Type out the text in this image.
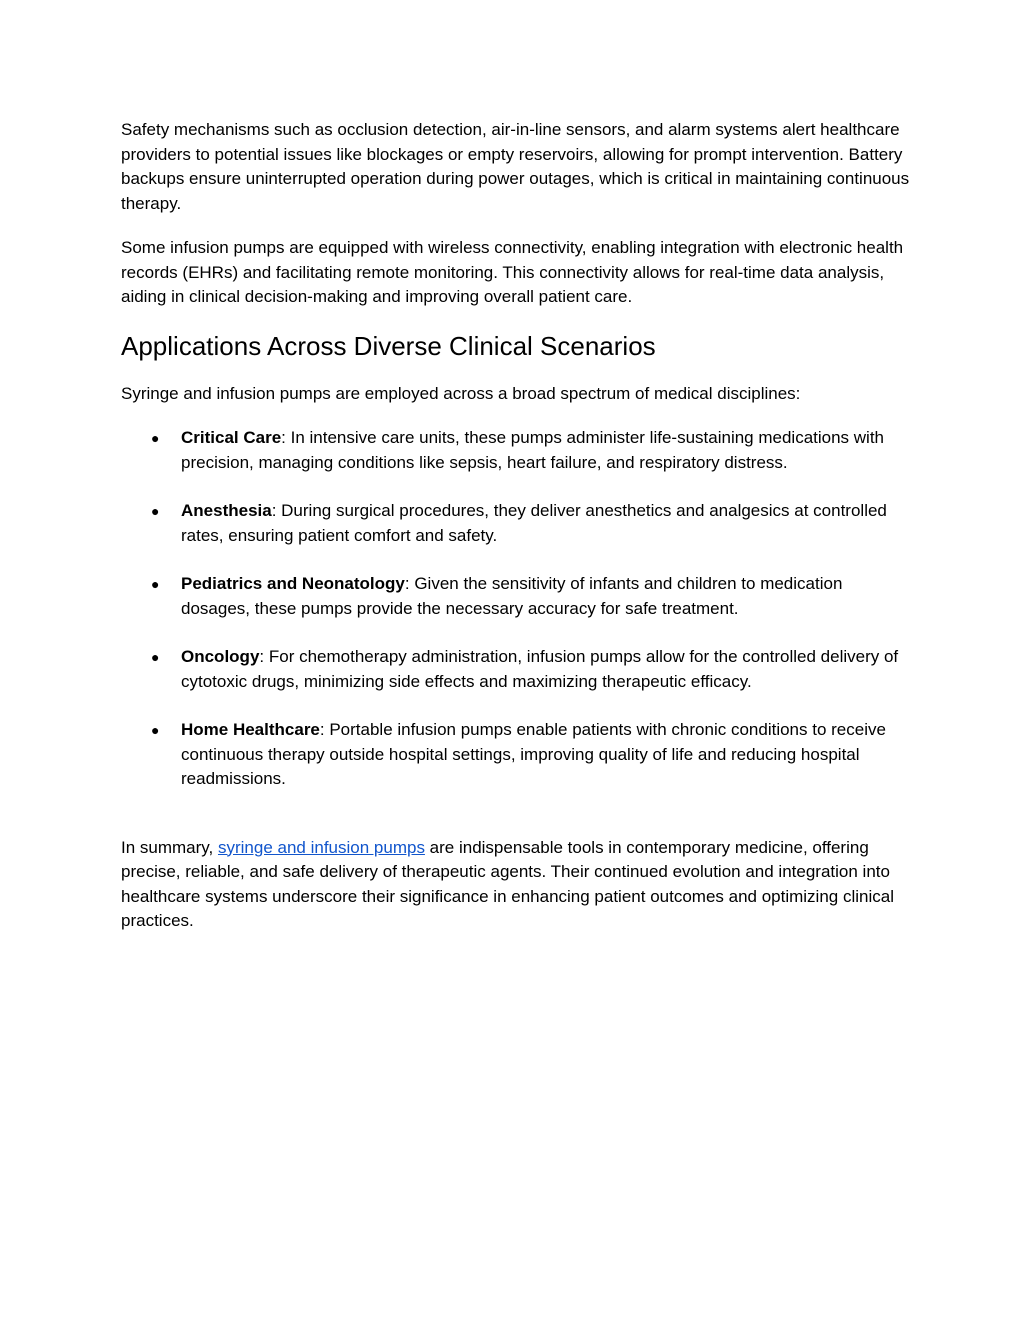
Safety mechanisms such as occlusion detection, air-in-line sensors, and alarm systems alert healthcare providers to potential issues like blockages or empty reservoirs, allowing for prompt intervention. Battery backups ensure uninterrupted operation during power outages, which is critical in maintaining continuous therapy.

Some infusion pumps are equipped with wireless connectivity, enabling integration with electronic health records (EHRs) and facilitating remote monitoring. This connectivity allows for real-time data analysis, aiding in clinical decision-making and improving overall patient care.

Applications Across Diverse Clinical Scenarios

Syringe and infusion pumps are employed across a broad spectrum of medical disciplines:

● Critical Care: In intensive care units, these pumps administer life-sustaining medications with precision, managing conditions like sepsis, heart failure, and respiratory distress.
● Anesthesia: During surgical procedures, they deliver anesthetics and analgesics at controlled rates, ensuring patient comfort and safety.
● Pediatrics and Neonatology: Given the sensitivity of infants and children to medication dosages, these pumps provide the necessary accuracy for safe treatment.
● Oncology: For chemotherapy administration, infusion pumps allow for the controlled delivery of cytotoxic drugs, minimizing side effects and maximizing therapeutic efficacy.
● Home Healthcare: Portable infusion pumps enable patients with chronic conditions to receive continuous therapy outside hospital settings, improving quality of life and reducing hospital readmissions.

In summary, syringe and infusion pumps are indispensable tools in contemporary medicine, offering precise, reliable, and safe delivery of therapeutic agents. Their continued evolution and integration into healthcare systems underscore their significance in enhancing patient outcomes and optimizing clinical practices.
